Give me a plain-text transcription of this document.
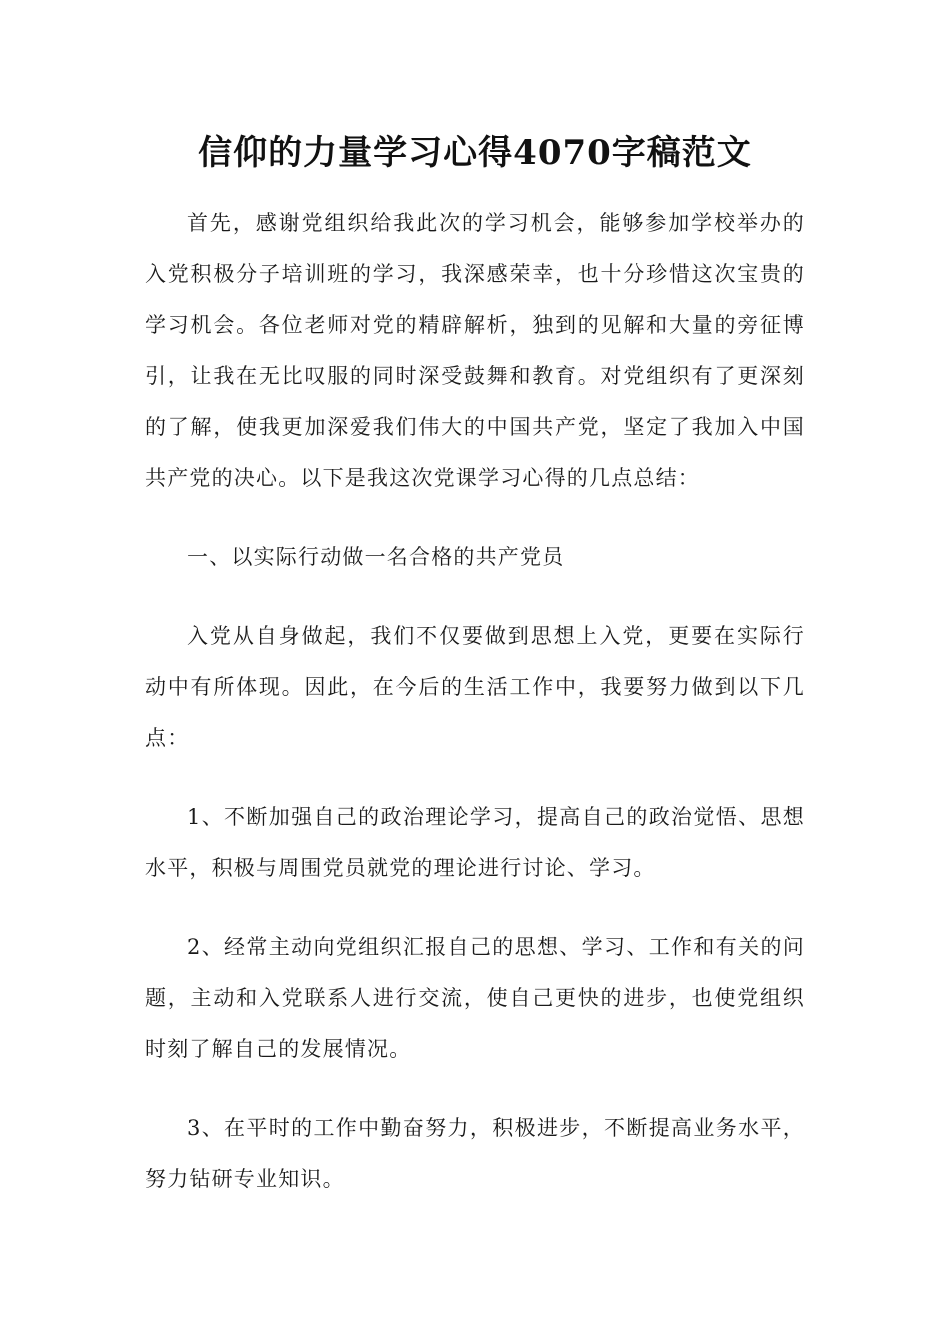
信仰的力量学习心得4070字稿范文

首先，感谢党组织给我此次的学习机会，能够参加学校举办的入党积极分子培训班的学习，我深感荣幸，也十分珍惜这次宝贵的学习机会。各位老师对党的精辟解析，独到的见解和大量的旁征博引，让我在无比叹服的同时深受鼓舞和教育。对党组织有了更深刻的了解，使我更加深爱我们伟大的中国共产党，坚定了我加入中国共产党的决心。以下是我这次党课学习心得的几点总结：

一、以实际行动做一名合格的共产党员

入党从自身做起，我们不仅要做到思想上入党，更要在实际行动中有所体现。因此，在今后的生活工作中，我要努力做到以下几点：

1、不断加强自己的政治理论学习，提高自己的政治觉悟、思想水平，积极与周围党员就党的理论进行讨论、学习。

2、经常主动向党组织汇报自己的思想、学习、工作和有关的问题，主动和入党联系人进行交流，使自己更快的进步，也使党组织时刻了解自己的发展情况。

3、在平时的工作中勤奋努力，积极进步，不断提高业务水平，努力钻研专业知识。
